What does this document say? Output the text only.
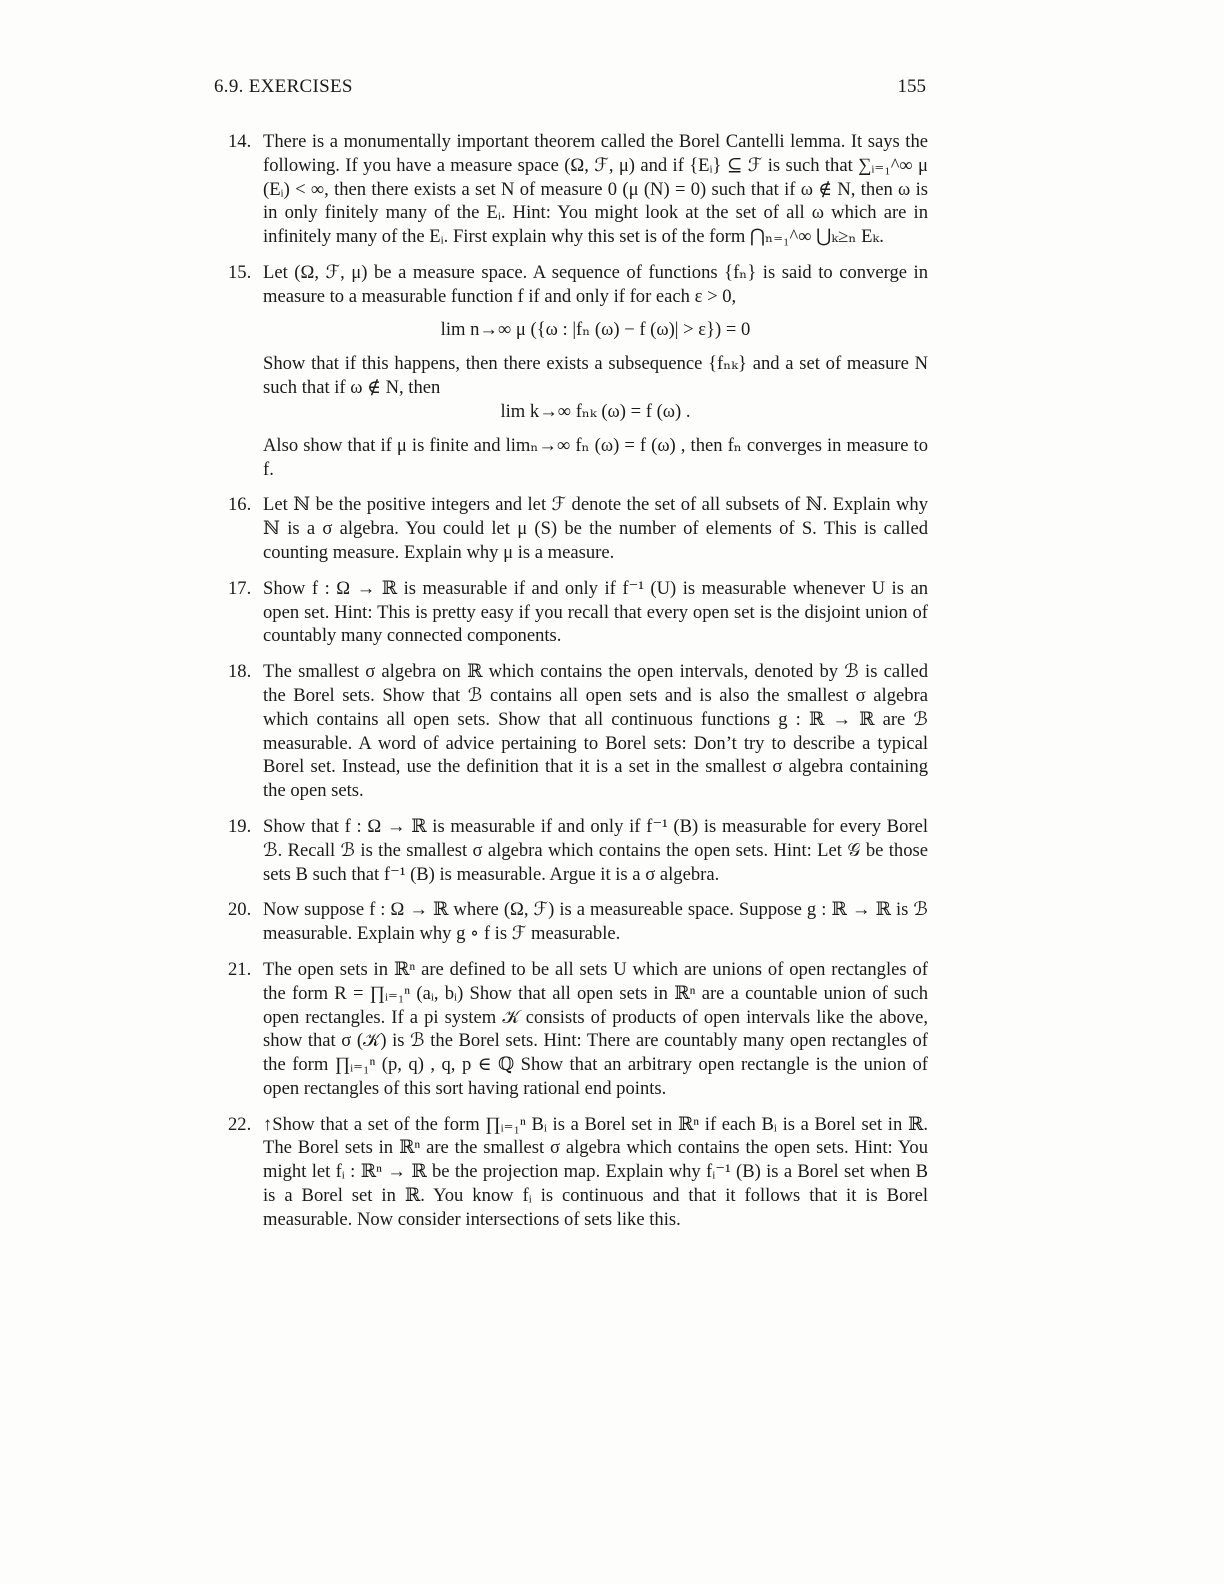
6.9. EXERCISES	155
14. There is a monumentally important theorem called the Borel Cantelli lemma. It says the following. If you have a measure space (Ω, ℱ, μ) and if {Eᵢ} ⊆ ℱ is such that ∑ᵢ₌₁^∞ μ (Eᵢ) < ∞, then there exists a set N of measure 0 (μ (N) = 0) such that if ω ∉ N, then ω is in only finitely many of the Eᵢ. Hint: You might look at the set of all ω which are in infinitely many of the Eᵢ. First explain why this set is of the form ⋂ₙ₌₁^∞ ⋃ₖ≥ₙ Eₖ.

15. Let (Ω, ℱ, μ) be a measure space. A sequence of functions {fₙ} is said to converge in measure to a measurable function f if and only if for each ε > 0,

lim n→∞ μ ({ω : |fₙ (ω) − f (ω)| > ε}) = 0

Show that if this happens, then there exists a subsequence {fₙₖ} and a set of measure N such that if ω ∉ N, then

lim k→∞ fₙₖ (ω) = f (ω) .

Also show that if μ is finite and limₙ→∞ fₙ (ω) = f (ω) , then fₙ converges in measure to f.

16. Let ℕ be the positive integers and let ℱ denote the set of all subsets of ℕ. Explain why ℕ is a σ algebra. You could let μ (S) be the number of elements of S. This is called counting measure. Explain why μ is a measure.

17. Show f : Ω → ℝ is measurable if and only if f⁻¹ (U) is measurable whenever U is an open set. Hint: This is pretty easy if you recall that every open set is the disjoint union of countably many connected components.

18. The smallest σ algebra on ℝ which contains the open intervals, denoted by ℬ is called the Borel sets. Show that ℬ contains all open sets and is also the smallest σ algebra which contains all open sets. Show that all continuous functions g : ℝ → ℝ are ℬ measurable. A word of advice pertaining to Borel sets: Don’t try to describe a typical Borel set. Instead, use the definition that it is a set in the smallest σ algebra containing the open sets.

19. Show that f : Ω → ℝ is measurable if and only if f⁻¹ (B) is measurable for every Borel ℬ. Recall ℬ is the smallest σ algebra which contains the open sets. Hint: Let 𝒢 be those sets B such that f⁻¹ (B) is measurable. Argue it is a σ algebra.

20. Now suppose f : Ω → ℝ where (Ω, ℱ) is a measureable space. Suppose g : ℝ → ℝ is ℬ measurable. Explain why g ∘ f is ℱ measurable.

21. The open sets in ℝⁿ are defined to be all sets U which are unions of open rectangles of the form R = ∏ᵢ₌₁ⁿ (aᵢ, bᵢ) Show that all open sets in ℝⁿ are a countable union of such open rectangles. If a pi system 𝒦 consists of products of open intervals like the above, show that σ (𝒦) is ℬ the Borel sets. Hint: There are countably many open rectangles of the form ∏ᵢ₌₁ⁿ (p, q) , q, p ∈ ℚ Show that an arbitrary open rectangle is the union of open rectangles of this sort having rational end points.

22. ↑Show that a set of the form ∏ᵢ₌₁ⁿ Bᵢ is a Borel set in ℝⁿ if each Bᵢ is a Borel set in ℝ. The Borel sets in ℝⁿ are the smallest σ algebra which contains the open sets. Hint: You might let fᵢ : ℝⁿ → ℝ be the projection map. Explain why fᵢ⁻¹ (B) is a Borel set when B is a Borel set in ℝ. You know fᵢ is continuous and that it follows that it is Borel measurable. Now consider intersections of sets like this.
